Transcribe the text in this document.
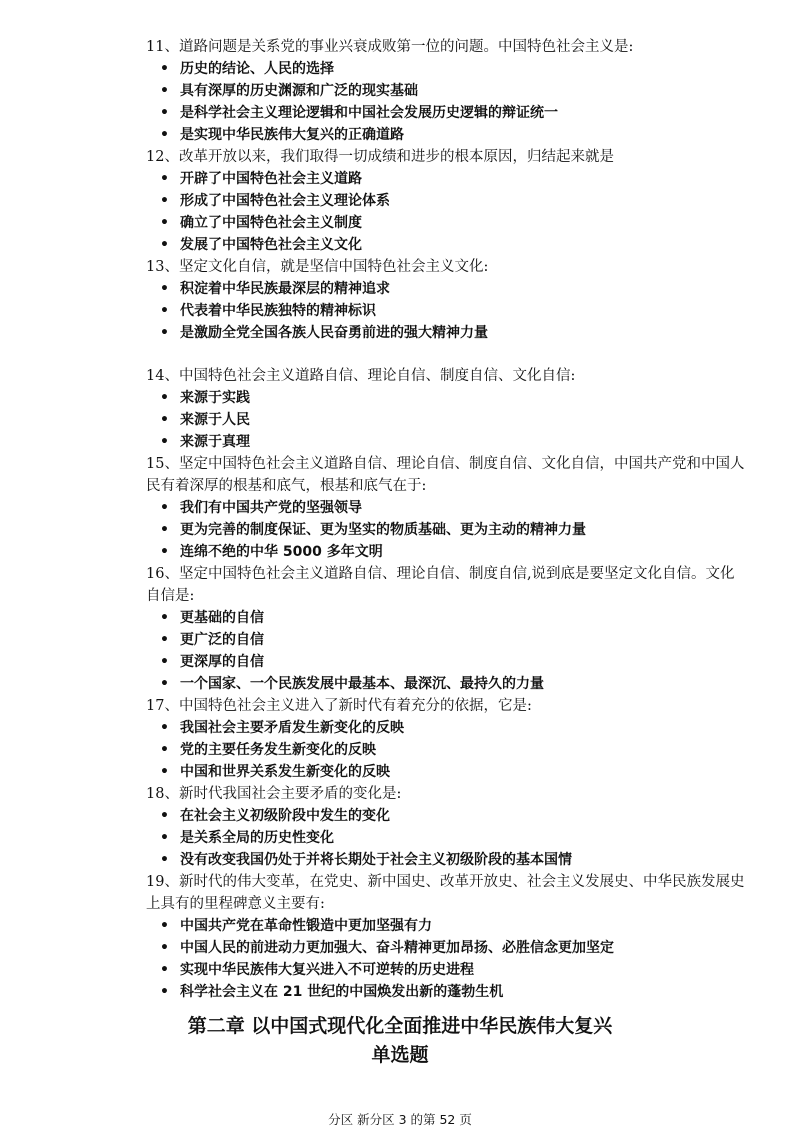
11、道路问题是关系党的事业兴衰成败第一位的问题。中国特色社会主义是:

• 历史的结论、人民的选择
• 具有深厚的历史渊源和广泛的现实基础
• 是科学社会主义理论逻辑和中国社会发展历史逻辑的辩证统一
• 是实现中华民族伟大复兴的正确道路

12、改革开放以来，我们取得一切成绩和进步的根本原因，归结起来就是

• 开辟了中国特色社会主义道路
• 形成了中国特色社会主义理论体系
• 确立了中国特色社会主义制度
• 发展了中国特色社会主义文化

13、坚定文化自信，就是坚信中国特色社会主义文化:

• 积淀着中华民族最深层的精神追求
• 代表着中华民族独特的精神标识
• 是激励全党全国各族人民奋勇前进的强大精神力量

14、中国特色社会主义道路自信、理论自信、制度自信、文化自信:

• 来源于实践
• 来源于人民
• 来源于真理

15、坚定中国特色社会主义道路自信、理论自信、制度自信、文化自信，中国共产党和中国人民有着深厚的根基和底气，根基和底气在于:

• 我们有中国共产党的坚强领导
• 更为完善的制度保证、更为坚实的物质基础、更为主动的精神力量
• 连绵不绝的中华 5000 多年文明

16、坚定中国特色社会主义道路自信、理论自信、制度自信,说到底是要坚定文化自信。文化自信是:

• 更基础的自信
• 更广泛的自信
• 更深厚的自信
• 一个国家、一个民族发展中最基本、最深沉、最持久的力量

17、中国特色社会主义进入了新时代有着充分的依据，它是:

• 我国社会主要矛盾发生新变化的反映
• 党的主要任务发生新变化的反映
• 中国和世界关系发生新变化的反映

18、新时代我国社会主要矛盾的变化是:

• 在社会主义初级阶段中发生的变化
• 是关系全局的历史性变化
• 没有改变我国仍处于并将长期处于社会主义初级阶段的基本国情

19、新时代的伟大变革，在党史、新中国史、改革开放史、社会主义发展史、中华民族发展史上具有的里程碑意义主要有:

• 中国共产党在革命性锻造中更加坚强有力
• 中国人民的前进动力更加强大、奋斗精神更加昂扬、必胜信念更加坚定
• 实现中华民族伟大复兴进入不可逆转的历史进程
• 科学社会主义在 21 世纪的中国焕发出新的蓬勃生机
第二章 以中国式现代化全面推进中华民族伟大复兴
单选题
分区 新分区 3 的第 52 页
